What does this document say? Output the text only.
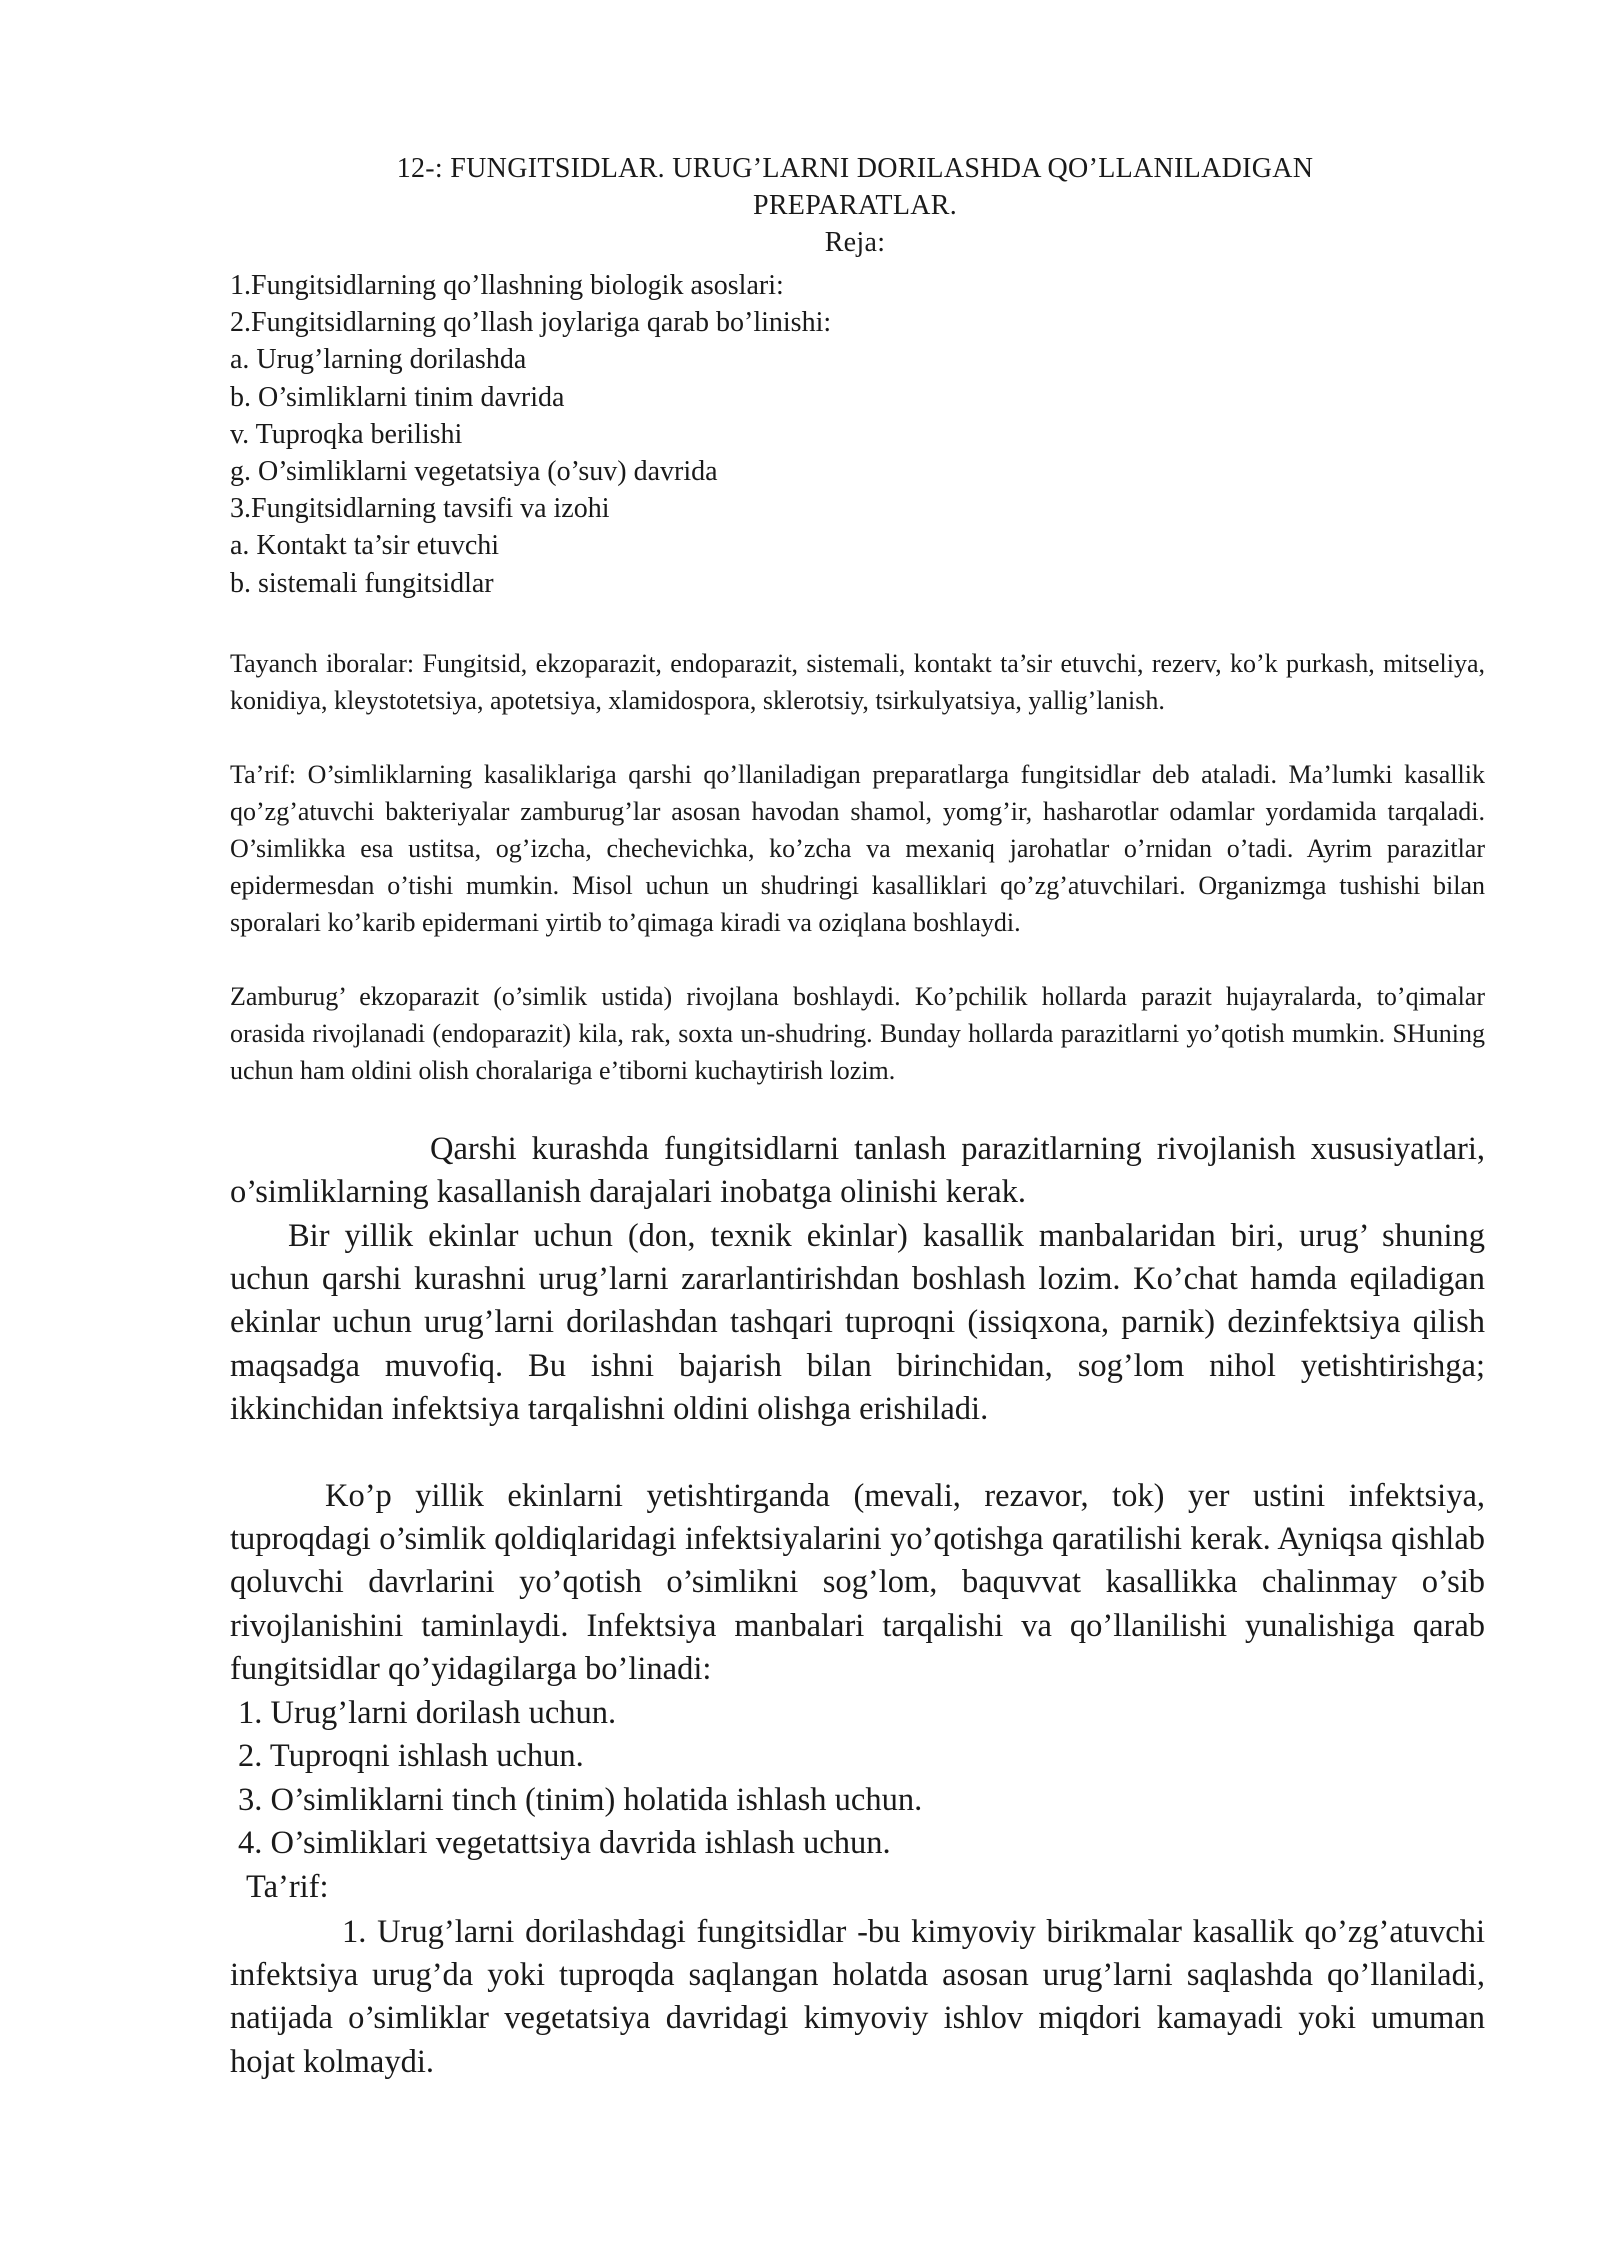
12-: FUNGITSIDLAR. URUG’LARNI DORILASHDA QO’LLANILADIGAN
PREPARATLAR.
Reja:
1.Fungitsidlarning qo’llashning biologik asoslari:
2.Fungitsidlarning qo’llash joylariga qarab bo’linishi:
a. Urug’larning dorilashda
b. O’simliklarni tinim davrida
v. Tuproqka berilishi
g. O’simliklarni vegetatsiya (o’suv) davrida
3.Fungitsidlarning tavsifi va izohi
a. Kontakt ta’sir etuvchi
b. sistemali fungitsidlar
Tayanch iboralar: Fungitsid, ekzoparazit, endoparazit, sistemali, kontakt ta’sir etuvchi, rezerv, ko’k purkash, mitseliya, konidiya, kleystotetsiya, apotetsiya, xlamidospora, sklerotsiy, tsirkulyatsiya, yallig’lanish.
Ta’rif: O’simliklarning kasaliklariga qarshi qo’llaniladigan preparatlarga fungitsidlar deb ataladi. Ma’lumki kasallik qo’zg’atuvchi bakteriyalar zamburug’lar asosan havodan shamol, yomg’ir, hasharotlar odamlar yordamida tarqaladi. O’simlikka esa ustitsa, og’izcha, chechevichka, ko’zcha va mexaniq jarohatlar o’rnidan o’tadi. Ayrim parazitlar epidermesdan o’tishi mumkin. Misol uchun un shudringi kasalliklari qo’zg’atuvchilari. Organizmga tushishi bilan sporalari ko’karib epidermani yirtib to’qimaga kiradi va oziqlana boshlaydi.
Zamburug’ ekzoparazit (o’simlik ustida) rivojlana boshlaydi. Ko’pchilik hollarda parazit hujayralarda, to’qimalar orasida rivojlanadi (endoparazit) kila, rak, soxta un-shudring. Bunday hollarda parazitlarni yo’qotish mumkin. SHuning uchun ham oldini olish choralariga e’tiborni kuchaytirish lozim.
Qarshi kurashda fungitsidlarni tanlash parazitlarning rivojlanish xususiyatlari, o’simliklarning kasallanish darajalari inobatga olinishi kerak.
Bir yillik ekinlar uchun (don, texnik ekinlar) kasallik manbalaridan biri, urug’ shuning uchun qarshi kurashni urug’larni zararlantirishdan boshlash lozim. Ko’chat hamda eqiladigan ekinlar uchun urug’larni dorilashdan tashqari tuproqni (issiqxona, parnik) dezinfektsiya qilish maqsadga muvofiq. Bu ishni bajarish bilan birinchidan, sog’lom nihol yetishtirishga; ikkinchidan infektsiya tarqalishni oldini olishga erishiladi.
Ko’p yillik ekinlarni yetishtirganda (mevali, rezavor, tok) yer ustini infektsiya, tuproqdagi o’simlik qoldiqlaridagi infektsiyalarini yo’qotishga qaratilishi kerak. Ayniqsa qishlab qoluvchi davrlarini yo’qotish o’simlikni sog’lom, baquvvat kasallikka chalinmay o’sib rivojlanishini taminlaydi. Infektsiya manbalari tarqalishi va qo’llanilishi yunalishiga qarab fungitsidlar qo’yidagilarga bo’linadi:
1. Urug’larni dorilash uchun.
2. Tuproqni ishlash uchun.
3. O’simliklarni tinch (tinim) holatida ishlash uchun.
4. O’simliklari vegetattsiya davrida ishlash uchun.
Ta’rif:
1. Urug’larni dorilashdagi fungitsidlar -bu kimyoviy birikmalar kasallik qo’zg’atuvchi infektsiya urug’da yoki tuproqda saqlangan holatda asosan urug’larni saqlashda qo’llaniladi, natijada o’simliklar vegetatsiya davridagi kimyoviy ishlov miqdori kamayadi yoki umuman hojat kolmaydi.
